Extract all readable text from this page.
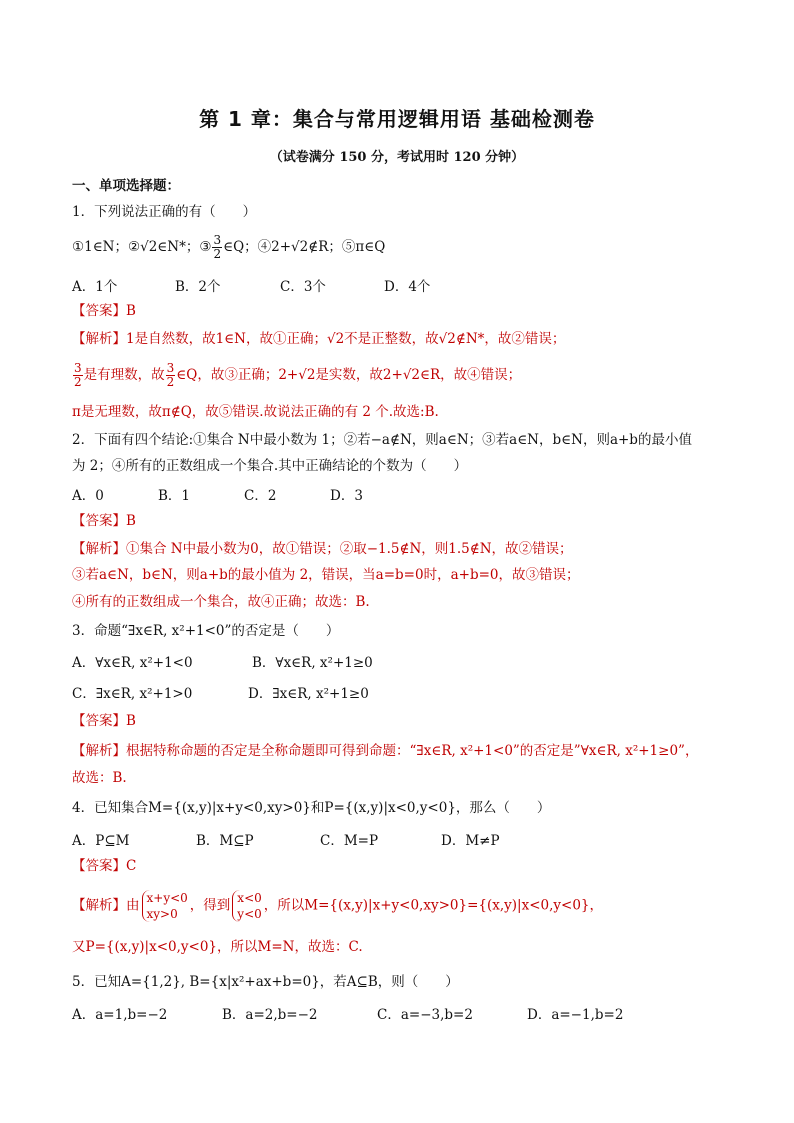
第 1 章：集合与常用逻辑用语 基础检测卷
（试卷满分 150 分，考试用时 120 分钟）
一、单项选择题：
1．下列说法正确的有（　　）
①1∈N；②√2∈N*；③ $\frac{3}{2}$ ∈Q；④2+√2∉R；⑤π∈Q
A．1个	B．2个	C．3个	D．4个
【答案】B
【解析】1是自然数，故1∈N，故①正确；√2不是正整数，故√2∉N*，故②错误；
$\frac{3}{2}$ 是有理数，故 $\frac{3}{2}$ ∈Q，故③正确；2+√2是实数，故2+√2∈R，故④错误；
π是无理数，故π∉Q，故⑤错误.故说法正确的有 2 个.故选:B.
2．下面有四个结论:①集合 N中最小数为 1；②若−a∉N，则a∈N；③若a∈N，b∈N，则a+b的最小值
为 2；④所有的正数组成一个集合.其中正确结论的个数为（　　）
A．0	B．1	C．2	D．3
【答案】B
【解析】①集合 N中最小数为0，故①错误；②取−1.5∉N，则1.5∉N，故②错误；
③若a∈N，b∈N，则a+b的最小值为 2，错误，当a=b=0时，a+b=0，故③错误；
④所有的正数组成一个集合，故④正确；故选：B.
3．命题“∃x∈R, x²+1<0”的否定是（　　）
A．∀x∈R, x²+1<0	B．∀x∈R, x²+1≥0
C．∃x∈R, x²+1>0	D．∃x∈R, x²+1≥0
【答案】B
【解析】根据特称命题的否定是全称命题即可得到命题：“∃x∈R, x²+1<0”的否定是”∀x∈R, x²+1≥0”，
故选：B.
4．已知集合M={(x,y)|x+y<0,xy>0}和P={(x,y)|x<0,y<0}，那么（　　）
A．P⊆M	B．M⊆P	C．M=P	D．M≠P
【答案】C
【解析】由 x+y<0
xy>0
，得到 x<0
y<0
，所以M={(x,y)|x+y<0,xy>0}={(x,y)|x<0,y<0}，
又P={(x,y)|x<0,y<0}，所以M=N，故选：C.
5．已知A={1,2}, B={x|x²+ax+b=0}，若A⊆B，则（　　）
A．a=1,b=−2	B．a=2,b=−2	C．a=−3,b=2	D．a=−1,b=2
